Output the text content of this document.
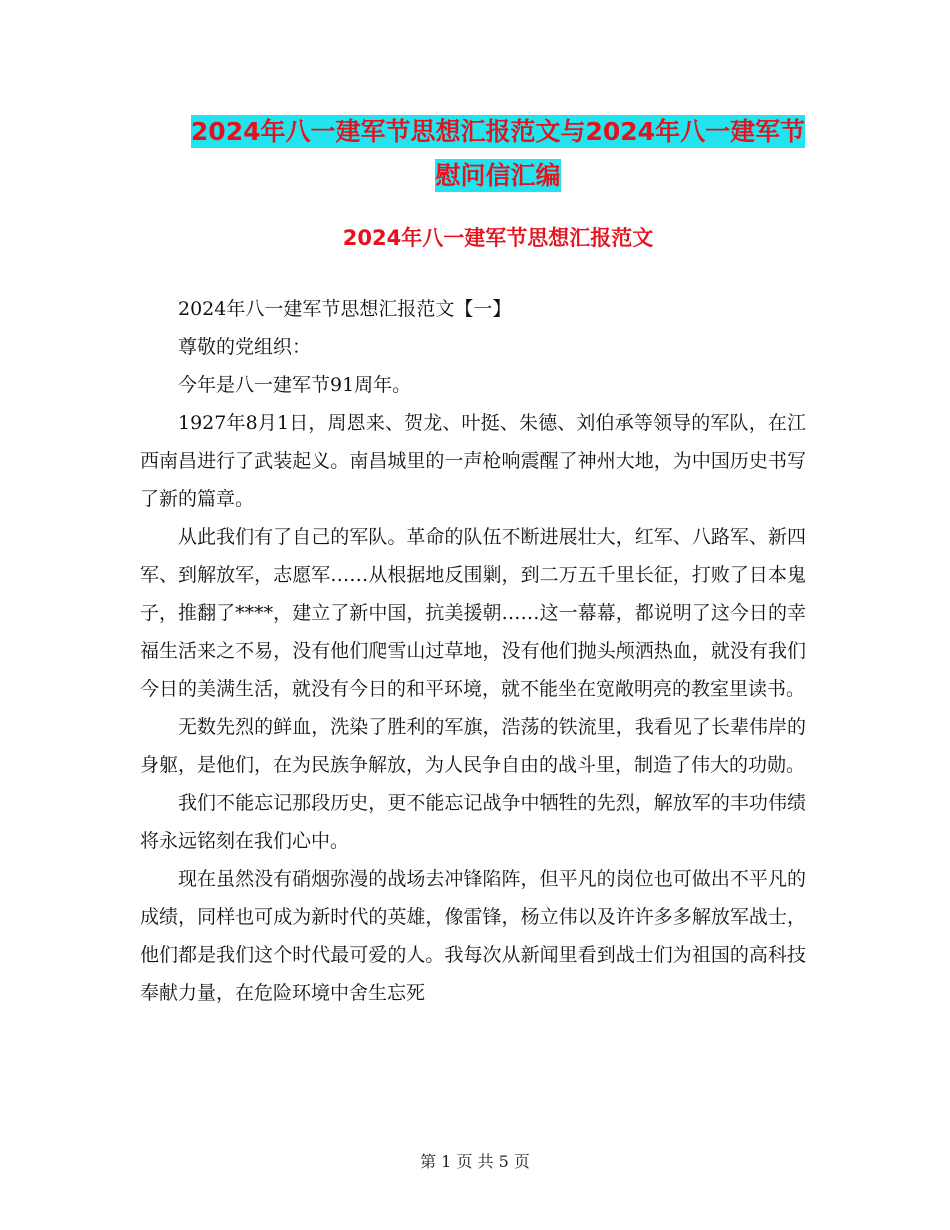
2024年八一建军节思想汇报范文与2024年八一建军节
慰问信汇编
2024年八一建军节思想汇报范文

2024年八一建军节思想汇报范文【一】

尊敬的党组织：

今年是八一建军节91周年。

1927年8月1日，周恩来、贺龙、叶挺、朱德、刘伯承等领导的军队，在江西南昌进行了武装起义。南昌城里的一声枪响震醒了神州大地，为中国历史书写了新的篇章。

从此我们有了自己的军队。革命的队伍不断进展壮大，红军、八路军、新四军、到解放军，志愿军……从根据地反围剿，到二万五千里长征，打败了日本鬼子，推翻了****，建立了新中国，抗美援朝……这一幕幕，都说明了这今日的幸福生活来之不易，没有他们爬雪山过草地，没有他们抛头颅洒热血，就没有我们今日的美满生活，就没有今日的和平环境，就不能坐在宽敞明亮的教室里读书。

无数先烈的鲜血，洗染了胜利的军旗，浩荡的铁流里，我看见了长辈伟岸的身躯，是他们，在为民族争解放，为人民争自由的战斗里，制造了伟大的功勋。

我们不能忘记那段历史，更不能忘记战争中牺牲的先烈，解放军的丰功伟绩将永远铭刻在我们心中。

现在虽然没有硝烟弥漫的战场去冲锋陷阵，但平凡的岗位也可做出不平凡的成绩，同样也可成为新时代的英雄，像雷锋，杨立伟以及许许多多解放军战士，他们都是我们这个时代最可爱的人。我每次从新闻里看到战士们为祖国的高科技奉献力量，在危险环境中舍生忘死

第 1 页 共 5 页
